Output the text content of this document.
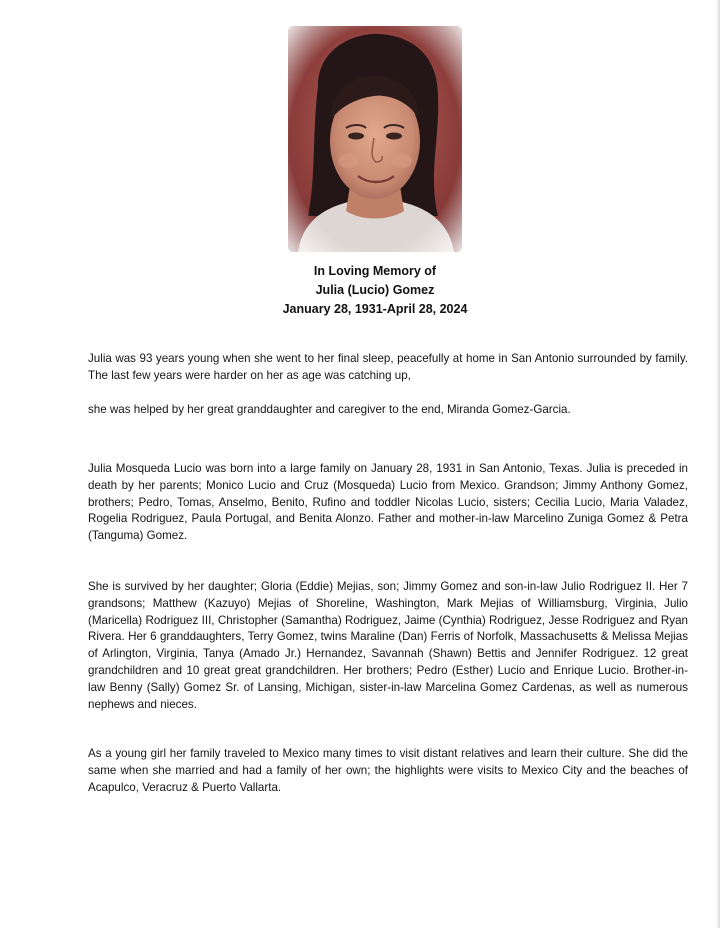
In Loving Memory of
Julia (Lucio) Gomez
January 28, 1931-April 28, 2024
Julia was 93 years young when she went to her final sleep, peacefully at home in San Antonio surrounded by family. The last few years were harder on her as age was catching up,
she was helped by her great granddaughter and caregiver to the end, Miranda Gomez-Garcia.
Julia Mosqueda Lucio was born into a large family on January 28, 1931 in San Antonio, Texas. Julia is preceded in death by her parents; Monico Lucio and Cruz (Mosqueda) Lucio from Mexico. Grandson; Jimmy Anthony Gomez, brothers; Pedro, Tomas, Anselmo, Benito, Rufino and toddler Nicolas Lucio, sisters; Cecilia Lucio, Maria Valadez, Rogelia Rodriguez, Paula Portugal, and Benita Alonzo. Father and mother-in-law Marcelino Zuniga Gomez & Petra (Tanguma) Gomez.
She is survived by her daughter; Gloria (Eddie) Mejias, son; Jimmy Gomez and son-in-law Julio Rodriguez II. Her 7 grandsons; Matthew (Kazuyo) Mejias of Shoreline, Washington, Mark Mejias of Williamsburg, Virginia, Julio (Maricella) Rodriguez III, Christopher (Samantha) Rodriguez, Jaime (Cynthia) Rodriguez, Jesse Rodriguez and Ryan Rivera. Her 6 granddaughters, Terry Gomez, twins Maraline (Dan) Ferris of Norfolk, Massachusetts & Melissa Mejias of Arlington, Virginia, Tanya (Amado Jr.) Hernandez, Savannah (Shawn) Bettis and Jennifer Rodriguez. 12 great grandchildren and 10 great great grandchildren. Her brothers; Pedro (Esther) Lucio and Enrique Lucio. Brother-in-law Benny (Sally) Gomez Sr. of Lansing, Michigan, sister-in-law Marcelina Gomez Cardenas, as well as numerous nephews and nieces.
As a young girl her family traveled to Mexico many times to visit distant relatives and learn their culture. She did the same when she married and had a family of her own; the highlights were visits to Mexico City and the beaches of Acapulco, Veracruz & Puerto Vallarta.
